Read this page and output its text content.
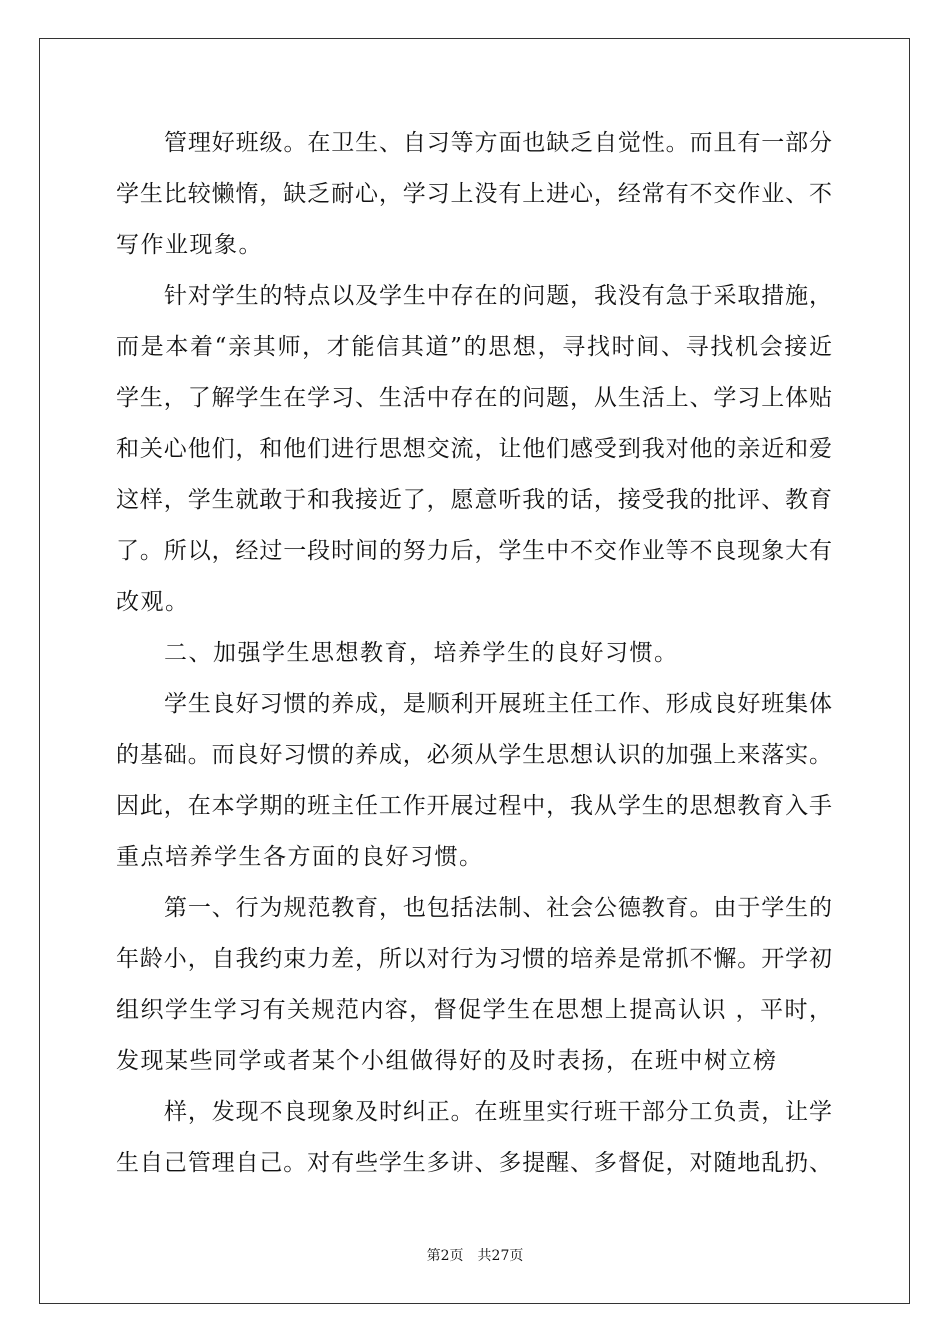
管理好班级。在卫生、自习等方面也缺乏自觉性。而且有一部分
学生比较懒惰，缺乏耐心，学习上没有上进心，经常有不交作业、不
写作业现象。
针对学生的特点以及学生中存在的问题，我没有急于采取措施，
而是本着“亲其师，才能信其道”的思想，寻找时间、寻找机会接近
学生，了解学生在学习、生活中存在的问题，从生活上、学习上体贴
和关心他们，和他们进行思想交流，让他们感受到我对他的亲近和爱
这样，学生就敢于和我接近了，愿意听我的话，接受我的批评、教育
了。所以，经过一段时间的努力后，学生中不交作业等不良现象大有
改观。
二、加强学生思想教育，培养学生的良好习惯。
学生良好习惯的养成，是顺利开展班主任工作、形成良好班集体
的基础。而良好习惯的养成，必须从学生思想认识的加强上来落实。
因此，在本学期的班主任工作开展过程中，我从学生的思想教育入手
重点培养学生各方面的良好习惯。
第一、行为规范教育，也包括法制、社会公德教育。由于学生的
年龄小，自我约束力差，所以对行为习惯的培养是常抓不懈。开学初
组织学生学习有关规范内容，督促学生在思想上提高认识 ，平时，
发现某些同学或者某个小组做得好的及时表扬，在班中树立榜
样，发现不良现象及时纠正。在班里实行班干部分工负责，让学
生自己管理自己。对有些学生多讲、多提醒、多督促，对随地乱扔、
第2页　共27页
